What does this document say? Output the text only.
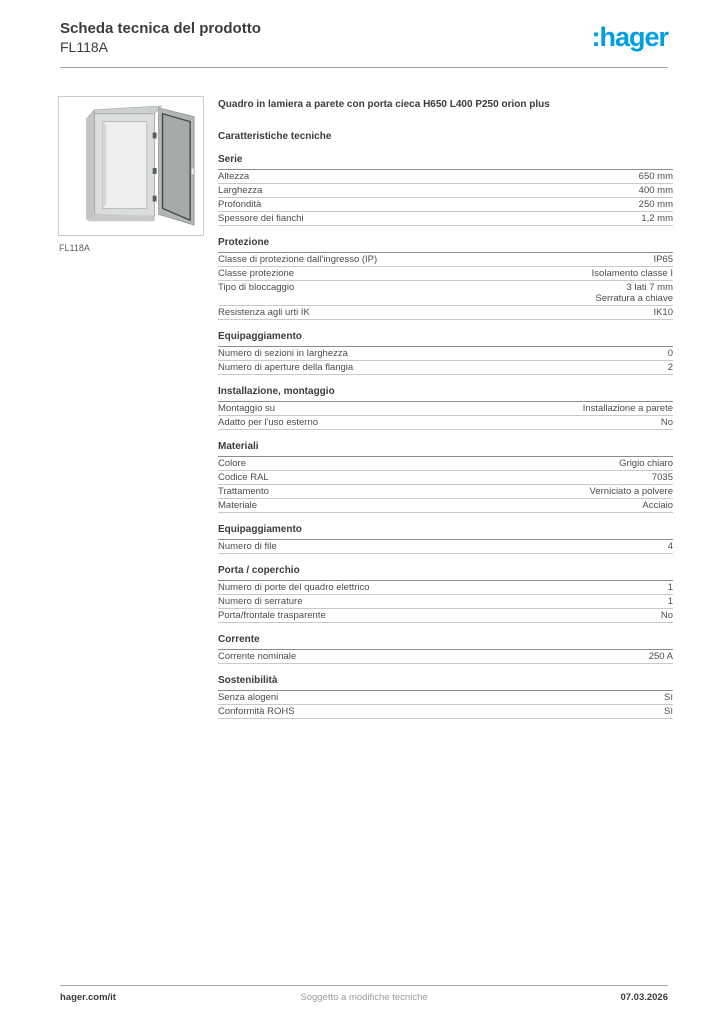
Scheda tecnica del prodotto
FL118A	:hager
FL118A
Quadro in lamiera a parete con porta cieca H650 L400 P250 orion plus
Caratteristiche tecniche
Serie
Altezza	650 mm
Larghezza	400 mm
Profondità	250 mm
Spessore dei fianchi	1,2 mm
Protezione
Classe di protezione dall'ingresso (IP)	IP65
Classe protezione	Isolamento classe I
Tipo di bloccaggio	3 lati 7 mm
Serratura a chiave
Resistenza agli urti IK	IK10
Equipaggiamento
Numero di sezioni in larghezza	0
Numero di aperture della flangia	2
Installazione, montaggio
Montaggio su	Installazione a parete
Adatto per l'uso esterno	No
Materiali
Colore	Grigio chiaro
Codice RAL	7035
Trattamento	Verniciato a polvere
Materiale	Acciaio
Equipaggiamento
Numero di file	4
Porta / coperchio
Numero di porte del quadro elettrico	1
Numero di serrature	1
Porta/frontale trasparente	No
Corrente
Corrente nominale	250 A
Sostenibilità
Senza alogeni	Sì
Conformità ROHS	Sì
hager.com/it	Soggetto a modifiche tecniche	07.03.2026
